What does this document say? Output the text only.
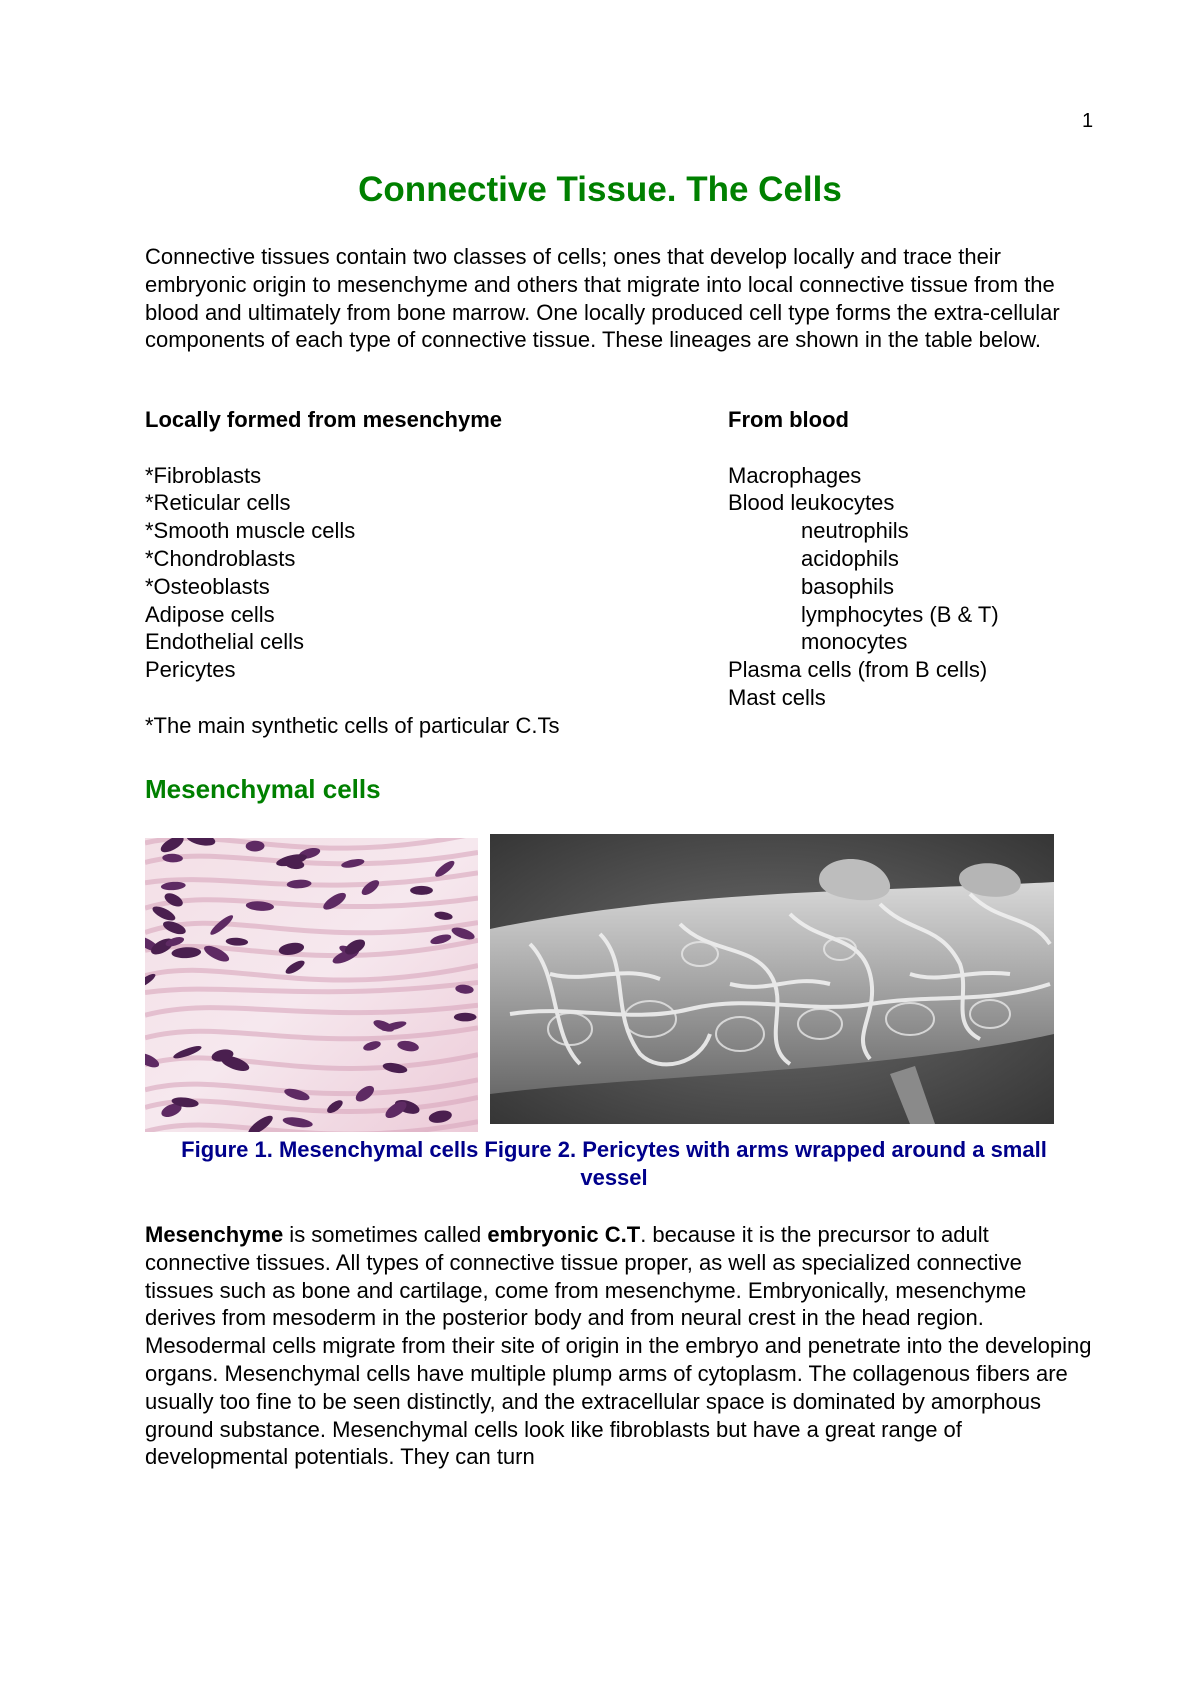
1
Connective Tissue. The Cells

Connective tissues contain two classes of cells; ones that develop locally and trace their embryonic origin to mesenchyme and others that migrate into local connective tissue from the blood and ultimately from bone marrow. One locally produced cell type forms the extra-cellular components of each type of connective tissue. These lineages are shown in the table below.

Locally formed from mesenchyme
*Fibroblasts
*Reticular cells
*Smooth muscle cells
*Chondroblasts
*Osteoblasts
Adipose cells
Endothelial cells
Pericytes
*The main synthetic cells of particular C.Ts
From blood
Macrophages
Blood leukocytes
neutrophils
acidophils
basophils
lymphocytes (B & T)
monocytes
Plasma cells (from B cells)
Mast cells
Mesenchymal cells

Figure 1. Mesenchymal cells Figure 2. Pericytes with arms wrapped around a small vessel

Mesenchyme is sometimes called embryonic C.T. because it is the precursor to adult connective tissues. All types of connective tissue proper, as well as specialized connective tissues such as bone and cartilage, come from mesenchyme. Embryonically, mesenchyme derives from mesoderm in the posterior body and from neural crest in the head region. Mesodermal cells migrate from their site of origin in the embryo and penetrate into the developing organs. Mesenchymal cells have multiple plump arms of cytoplasm. The collagenous fibers are usually too fine to be seen distinctly, and the extracellular space is dominated by amorphous ground substance. Mesenchymal cells look like fibroblasts but have a great range of developmental potentials. They can turn
